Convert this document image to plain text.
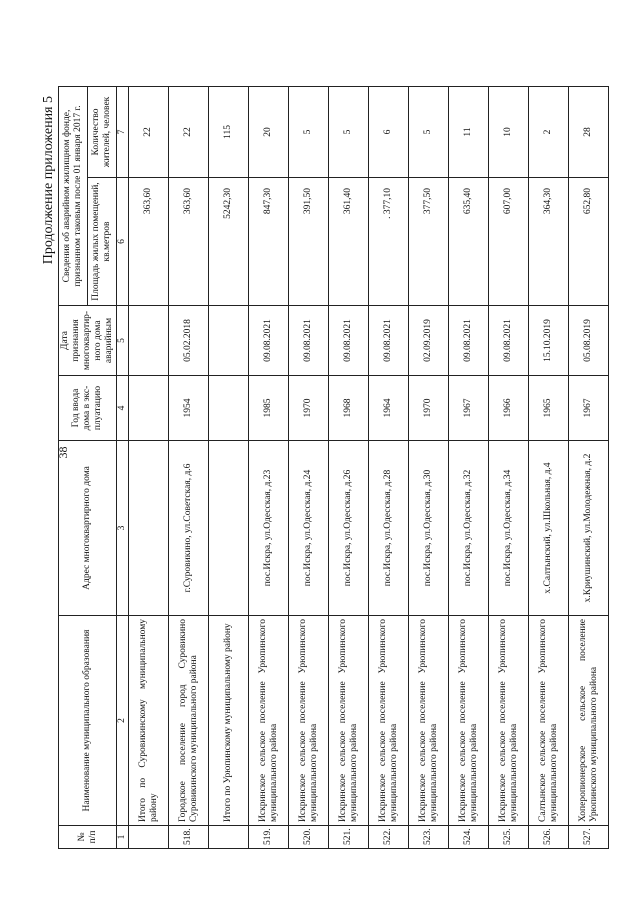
38
Продолжение приложения 5
№ п/п	Наименование муниципального образования	Адрес многоквартирного дома	Год ввода дома в экс-плуатацию	Дата признания многоквартир-ного дома аварийным	Сведения об аварийном жилищном фонде, признанном таковым после 01 января 2017 г.	
					Площадь жилых помещений, кв.метров	Количество жителей, человек
1	2	3	4	5	6	7
	Итого по Суровикинскому муниципальному району				363,60	22
518.	Городское поселение город Суровикино Суровикинского муниципального района	г.Суровикино, ул.Советская, д.6	1954	05.02.2018	363,60	22
	Итого по Урюпинскому муниципальному району				5242,30	115
519.	Искринское сельское поселение Урюпинского муниципального района	пос.Искра, ул.Одесская, д.23	1985	09.08.2021	847,30	20
520.	Искринское сельское поселение Урюпинского муниципального района	пос.Искра, ул.Одесская, д.24	1970	09.08.2021	391,50	5
521.	Искринское сельское поселение Урюпинского муниципального района	пос.Искра, ул.Одесская, д.26	1968	09.08.2021	361,40	5
522.	Искринское сельское поселение Урюпинского муниципального района	пос.Искра, ул.Одесская, д.28	1964	09.08.2021	. 377,10	6
523.	Искринское сельское поселение Урюпинского муниципального района	пос.Искра, ул.Одесская, д.30	1970	02.09.2019	377,50	5
524.	Искринское сельское поселение Урюпинского муниципального района	пос.Искра, ул.Одесская, д.32	1967	09.08.2021	635,40	11
525.	Искринское сельское поселение Урюпинского муниципального района	пос.Искра, ул.Одесская, д.34	1966	09.08.2021	607,00	10
526.	Салтынское сельское поселение Урюпинского муниципального района	х.Салтынский, ул.Школьная, д.4	1965	15.10.2019	364,30	2
527.	Хоперопионерское сельское поселение Урюпинского муниципального района	х.Криушинский, ул.Молодежная, д.2	1967	05.08.2019	652,80	28
